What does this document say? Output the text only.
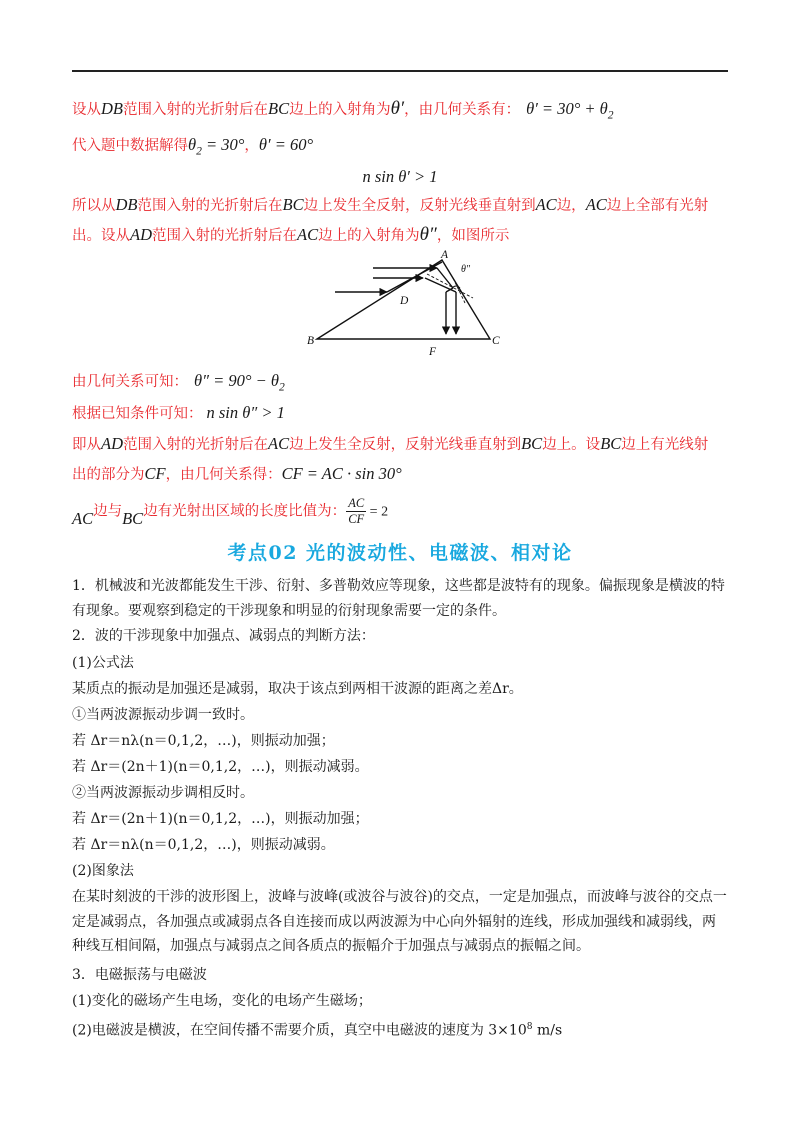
设从DB范围入射的光折射后在BC边上的入射角为θ′，由几何关系有： $\theta' = 30^\circ + \theta_2$
代入题中数据解得$\theta_2 = 30^\circ$，θ′ = 60°
n sin θ′ > 1
所以从DB范围入射的光折射后在BC边上发生全反射，反射光线垂直射到AC边，AC边上全部有光射
出。设从AD范围入射的光折射后在AC边上的入射角为θ″，如图所示
A
B	C
D
F
θ″
由几何关系可知： $\theta'' = 90^\circ - \theta_2$
根据已知条件可知： n sin θ″ > 1
即从AD范围入射的光折射后在AC边上发生全反射，反射光线垂直射到BC边上。设BC边上有光线射
出的部分为CF，由几何关系得：CF = AC · sin 30°
AC边与BC边有光射出区域的长度比值为： $\frac{AC}{CF} = 2$
考点02 光的波动性、电磁波、相对论
1．机械波和光波都能发生干涉、衍射、多普勒效应等现象，这些都是波特有的现象。偏振现象是横波的特有现象。要观察到稳定的干涉现象和明显的衍射现象需要一定的条件。
2．波的干涉现象中加强点、减弱点的判断方法：
(1)公式法
某质点的振动是加强还是减弱，取决于该点到两相干波源的距离之差Δr。
①当两波源振动步调一致时。
若 Δr＝nλ(n＝0,1,2，…)，则振动加强；
若 Δr＝(2n＋1)(n＝0,1,2，…)，则振动减弱。
②当两波源振动步调相反时。
若 Δr＝(2n＋1)(n＝0,1,2，…)，则振动加强；
若 Δr＝nλ(n＝0,1,2，…)，则振动减弱。
(2)图象法
在某时刻波的干涉的波形图上，波峰与波峰(或波谷与波谷)的交点，一定是加强点，而波峰与波谷的交点一定是减弱点，各加强点或减弱点各自连接而成以两波源为中心向外辐射的连线，形成加强线和减弱线，两种线互相间隔，加强点与减弱点之间各质点的振幅介于加强点与减弱点的振幅之间。
3．电磁振荡与电磁波
(1)变化的磁场产生电场，变化的电场产生磁场；
(2)电磁波是横波，在空间传播不需要介质，真空中电磁波的速度为 $3\times 10^8$ m/s
